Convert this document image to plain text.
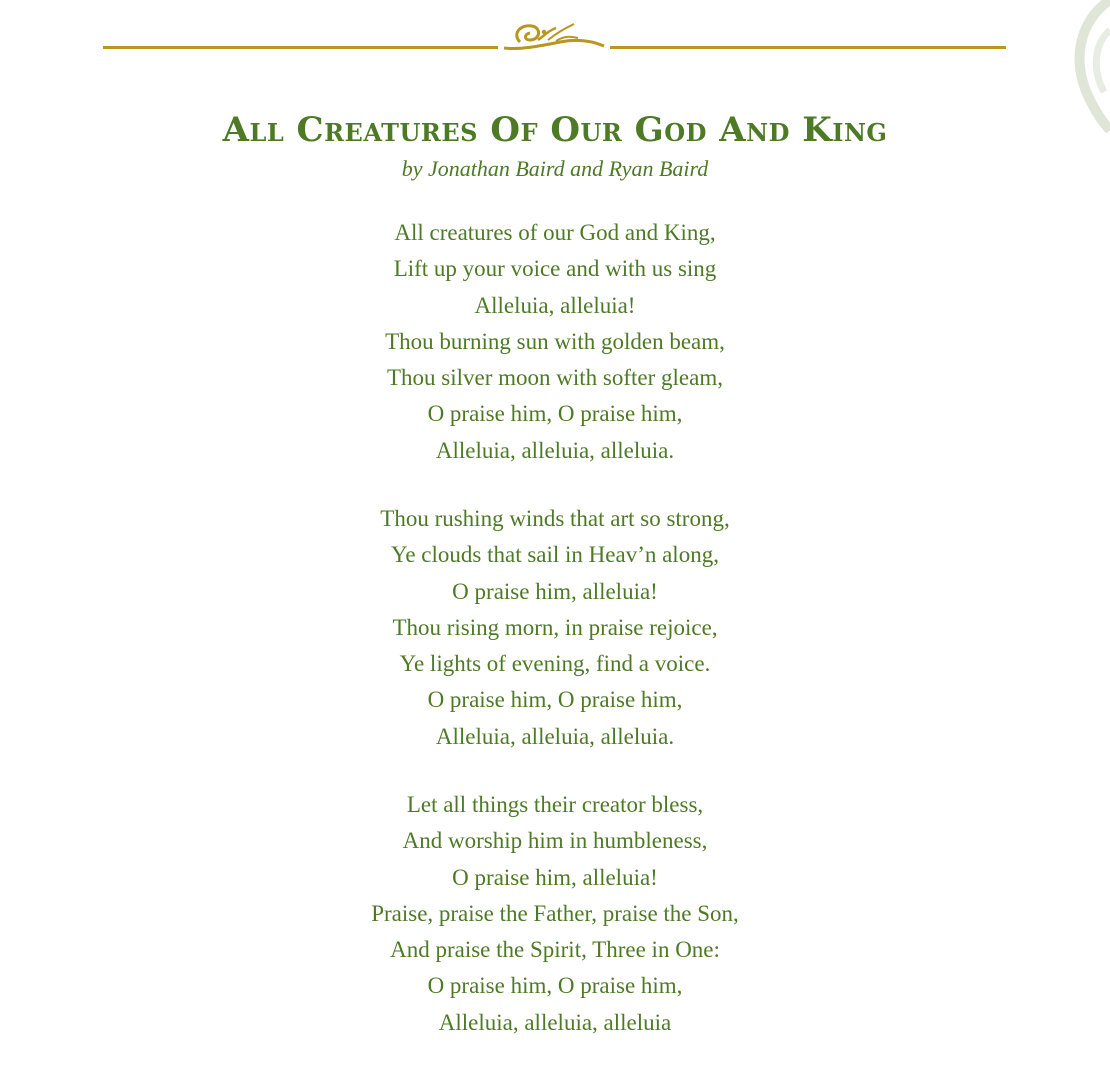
All Creatures Of Our God And King
by Jonathan Baird and Ryan Baird
All creatures of our God and King,
Lift up your voice and with us sing
Alleluia, alleluia!
Thou burning sun with golden beam,
Thou silver moon with softer gleam,
O praise him, O praise him,
Alleluia, alleluia, alleluia.
Thou rushing winds that art so strong,
Ye clouds that sail in Heav’n along,
O praise him, alleluia!
Thou rising morn, in praise rejoice,
Ye lights of evening, find a voice.
O praise him, O praise him,
Alleluia, alleluia, alleluia.
Let all things their creator bless,
And worship him in humbleness,
O praise him, alleluia!
Praise, praise the Father, praise the Son,
And praise the Spirit, Three in One:
O praise him, O praise him,
Alleluia, alleluia, alleluia
